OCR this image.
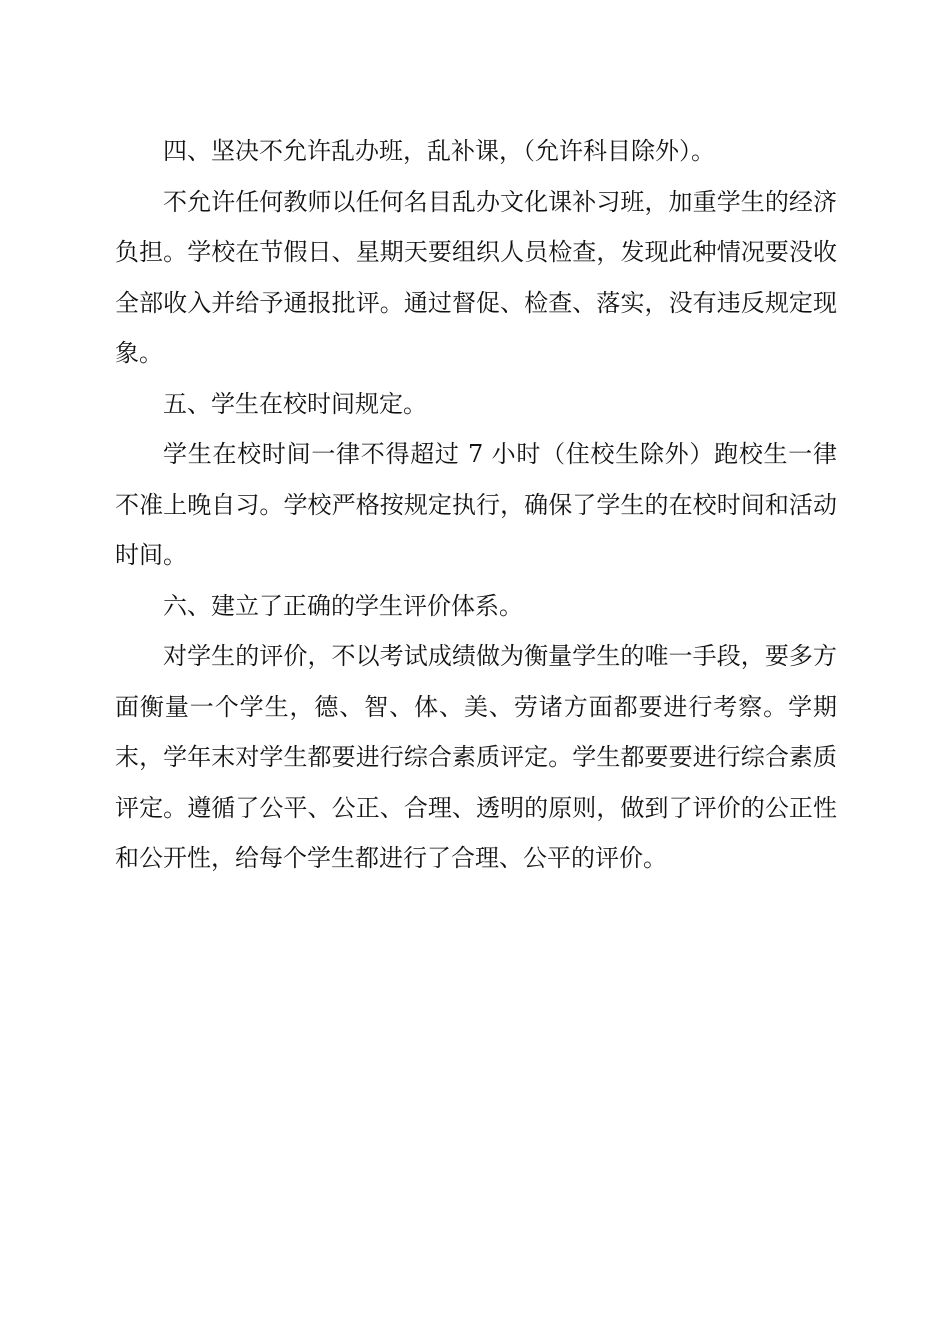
四、坚决不允许乱办班，乱补课，（允许科目除外）。

不允许任何教师以任何名目乱办文化课补习班，加重学生的经济负担。学校在节假日、星期天要组织人员检查，发现此种情况要没收全部收入并给予通报批评。通过督促、检查、落实，没有违反规定现象。

五、学生在校时间规定。

学生在校时间一律不得超过 7 小时（住校生除外）跑校生一律不准上晚自习。学校严格按规定执行，确保了学生的在校时间和活动时间。

六、建立了正确的学生评价体系。

对学生的评价，不以考试成绩做为衡量学生的唯一手段，要多方面衡量一个学生，德、智、体、美、劳诸方面都要进行考察。学期末，学年末对学生都要进行综合素质评定。学生都要要进行综合素质评定。遵循了公平、公正、合理、透明的原则，做到了评价的公正性和公开性，给每个学生都进行了合理、公平的评价。
